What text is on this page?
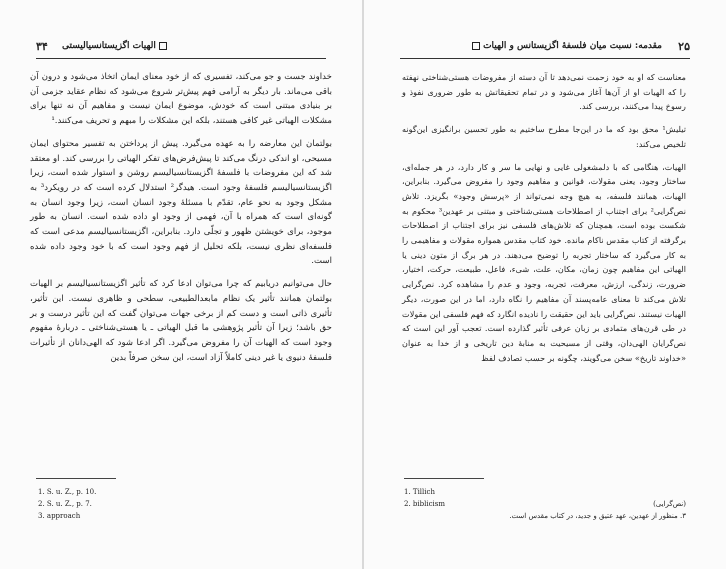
۳۴ الهیات اگزیستانسیالیستی

خداوند جست و جو می‌کند، تفسیری که از خود معنای ایمان اتخاذ می‌شود و درون آن باقی می‌ماند. بار دیگر به آرامی فهم پیش‌تر شروع می‌شود که نظام عقاید جزمی آن بر بنیادی مبتنی است که خودش، موضوع ایمان نیست و مفاهیم آن نه تنها برای مشکلات الهیاتی غیر کافی هستند، بلکه این مشکلات را مبهم و تحریف می‌کنند.¹

بولتمان این معارضه را به عهده می‌گیرد. پیش از پرداختن به تفسیر محتوای ایمان مسیحی، او اندکی درنگ می‌کند تا پیش‌فرض‌های تفکر الهیاتی را بررسی کند. او معتقد شد که این مفروضات با فلسفهٔ اگزیستانسیالیسم روشن و استوار شده است، زیرا اگزیستانسیالیسم فلسفهٔ وجود است. هیدگر² استدلال کرده است که در رویکرد³ به مشکل وجود به نحو عام، تقدّم با مسئلهٔ وجود انسان است، زیرا وجود انسان به گونه‌ای است که همراه با آن، فهمی از وجود او داده شده است. انسان به طور موجود، برای خویشتن ظهور و تجلّی دارد. بنابراین، اگزیستانسیالیسم مدعی است که فلسفه‌ای نظری نیست، بلکه تحلیل از فهم وجود است که با خود وجود داده شده است.

حال می‌توانیم دریابیم که چرا می‌توان ادعا کرد که تأثیر اگزیستانسیالیسم بر الهیات بولتمان همانند تأثیر یک نظام مابعدالطبیعی، سطحی و ظاهری نیست. این تأثیر، تأثیری ذاتی است و دست کم از برخی جهات می‌توان گفت که این تأثیر درست و بر حق باشد؛ زیرا آن تأثیر پژوهشی ما قبل الهیاتی ـ یا هستی‌شناختی ـ دربارهٔ مفهوم وجود است که الهیات آن را مفروض می‌گیرد. اگر ادعا شود که الهی‌دانان از تأثیرات فلسفهٔ دنیوی یا غیر دینی کاملاً آزاد است، این سخن صرفاً بدین

1. S. u. Z., p. 10.
2. S. u. Z., p. 7.
3. approach
۲۵
مقدمه: نسبت میان فلسفهٔ اگزیستانس و الهیات

معناست که او به خود زحمت نمی‌دهد تا آن دسته از مفروضات هستی‌شناختی نهفته را که الهیات او از آن‌ها آغاز می‌شود و در تمام تحقیقاتش به طور ضروری نفوذ و رسوخ پیدا می‌کنند، بررسی کند.

تیلیش¹ محق بود که ما در این‌جا مطرح ساختیم به طور تحسین برانگیزی این‌گونه تلخیص می‌کند:

الهیات، هنگامی که با دلمشغولی غایی و نهایی ما سر و کار دارد، در هر جمله‌ای، ساختار وجود، یعنی مقولات، قوانین و مفاهیم وجود را مفروض می‌گیرد. بنابراین، الهیات، همانند فلسفه، به هیچ وجه نمی‌تواند از «پرسش وجود» بگریزد. تلاش نص‌گرایی² برای اجتناب از اصطلاحات هستی‌شناختی و مبتنی بر عهدین³ محکوم به شکست بوده است، همچنان که تلاش‌های فلسفی نیز برای اجتناب از اصطلاحات برگرفته از کتاب مقدس ناکام مانده. خود کتاب مقدس همواره مقولات و مفاهیمی را به کار می‌گیرد که ساختار تجربه را توضیح می‌دهند. در هر برگ از متون دینی یا الهیاتی این مفاهیم چون زمان، مکان، علت، شیء، فاعل، طبیعت، حرکت، اختیار، ضرورت، زندگی، ارزش، معرفت، تجربه، وجود و عدم را مشاهده کرد. نص‌گرایی تلاش می‌کند تا معنای عامه‌پسند آن مفاهیم را نگاه دارد، اما در این صورت، دیگر الهیات نیستند. نص‌گرایی باید این حقیقت را نادیده انگارد که فهم فلسفی این مقولات در طی قرن‌های متمادی بر زبان عرفی تأثیر گذارده است. تعجب آور این است که نص‌گرایان الهی‌دان، وقتی از مسیحیت به منابهٔ دین تاریخی و از خدا به عنوان «خداوند تاریخ» سخن می‌گویند، چگونه بر حسب تصادف لفظ

1. Tillich
2. biblicism	(نص‌گرایی)
۳. منظور از عهدین، عهد عتیق و جدید، در کتاب مقدس است.
